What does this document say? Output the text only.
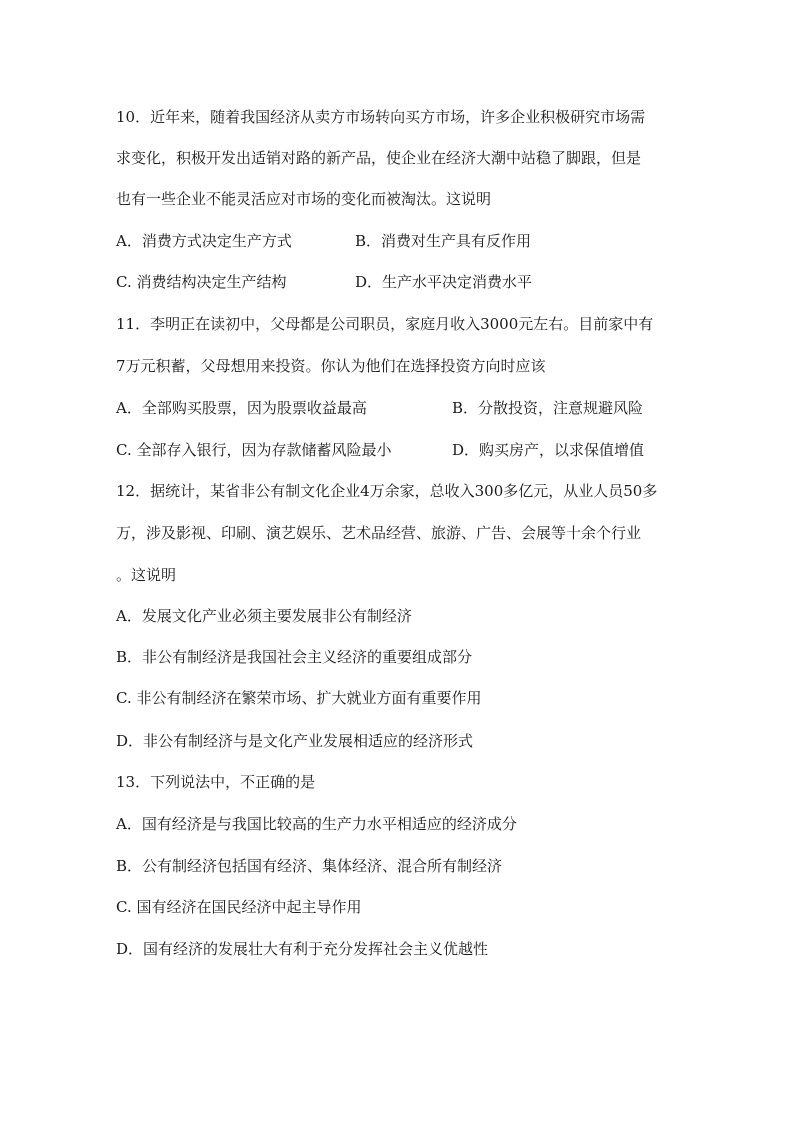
10．近年来，随着我国经济从卖方市场转向买方市场，许多企业积极研究市场需
求变化，积极开发出适销对路的新产品，使企业在经济大潮中站稳了脚跟，但是
也有一些企业不能灵活应对市场的变化而被淘汰。这说明
A．消费方式决定生产方式	B．消费对生产具有反作用
C. 消费结构决定生产结构	D．生产水平决定消费水平
11．李明正在读初中，父母都是公司职员，家庭月收入3000元左右。目前家中有
7万元积蓄，父母想用来投资。你认为他们在选择投资方向时应该
A．全部购买股票，因为股票收益最高	B．分散投资，注意规避风险
C. 全部存入银行，因为存款储蓄风险最小	D．购买房产，以求保值增值
12．据统计，某省非公有制文化企业4万余家，总收入300多亿元，从业人员50多
万，涉及影视、印刷、演艺娱乐、艺术品经营、旅游、广告、会展等十余个行业
。这说明
A．发展文化产业必须主要发展非公有制经济
B．非公有制经济是我国社会主义经济的重要组成部分
C. 非公有制经济在繁荣市场、扩大就业方面有重要作用
D．非公有制经济与是文化产业发展相适应的经济形式
13．下列说法中，不正确的是
A．国有经济是与我国比较高的生产力水平相适应的经济成分
B．公有制经济包括国有经济、集体经济、混合所有制经济
C. 国有经济在国民经济中起主导作用
D．国有经济的发展壮大有利于充分发挥社会主义优越性
